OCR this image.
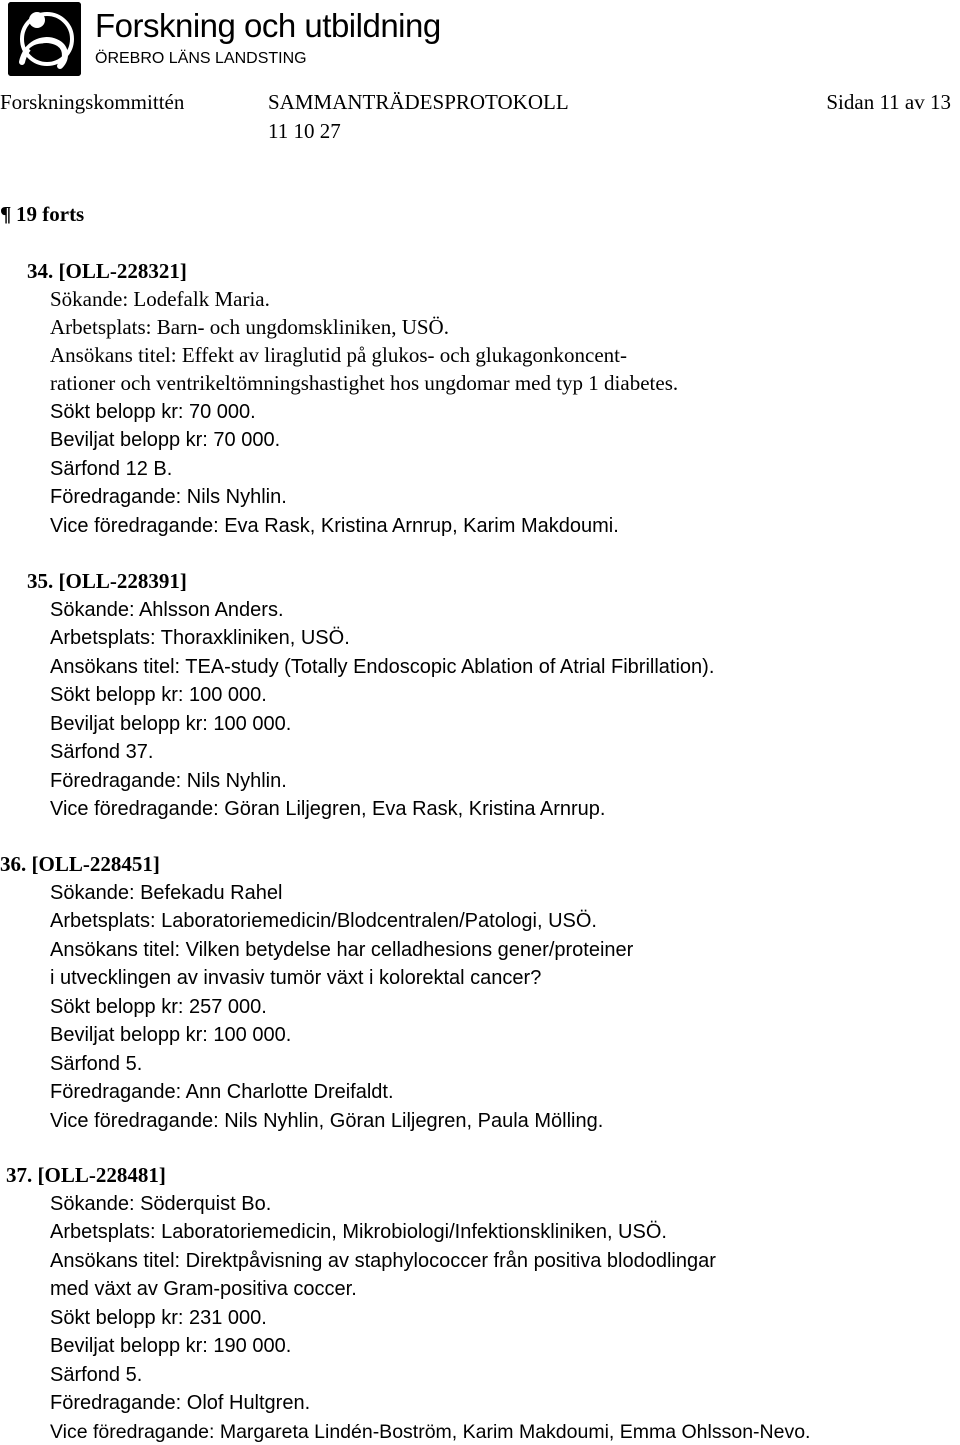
Forskning och utbildning
ÖREBRO LÄNS LANDSTING
Forskningskommittén	SAMMANTRÄDESPROTOKOLL
11 10 27
Sidan 11 av 13
¶ 19 forts
34. [OLL-228321]
Sökande: Lodefalk Maria.
Arbetsplats: Barn- och ungdomskliniken, USÖ.
Ansökans titel: Effekt av liraglutid på glukos- och glukagonkoncent-
rationer och ventrikeltömningshastighet hos ungdomar med typ 1 diabetes.
Sökt belopp kr: 70 000.
Beviljat belopp kr: 70 000.
Särfond 12 B.
Föredragande: Nils Nyhlin.
Vice föredragande: Eva Rask, Kristina Arnrup, Karim Makdoumi.
35. [OLL-228391]
Sökande: Ahlsson Anders.
Arbetsplats: Thoraxkliniken, USÖ.
Ansökans titel: TEA-study (Totally Endoscopic Ablation of Atrial Fibrillation).
Sökt belopp kr: 100 000.
Beviljat belopp kr: 100 000.
Särfond 37.
Föredragande: Nils Nyhlin.
Vice föredragande: Göran Liljegren, Eva Rask, Kristina Arnrup.
36. [OLL-228451]
Sökande: Befekadu Rahel
Arbetsplats: Laboratoriemedicin/Blodcentralen/Patologi, USÖ.
Ansökans titel: Vilken betydelse har celladhesions gener/proteiner
i utvecklingen av invasiv tumör växt i kolorektal cancer?
Sökt belopp kr: 257 000.
Beviljat belopp kr: 100 000.
Särfond 5.
Föredragande: Ann Charlotte Dreifaldt.
Vice föredragande: Nils Nyhlin, Göran Liljegren, Paula Mölling.
37. [OLL-228481]
Sökande: Söderquist Bo.
Arbetsplats: Laboratoriemedicin, Mikrobiologi/Infektionskliniken, USÖ.
Ansökans titel: Direktpåvisning av staphylococcer från positiva blododlingar
med växt av Gram-positiva coccer.
Sökt belopp kr: 231 000.
Beviljat belopp kr: 190 000.
Särfond 5.
Föredragande: Olof Hultgren.
Vice föredragande: Margareta Lindén-Boström, Karim Makdoumi, Emma Ohlsson-Nevo.
